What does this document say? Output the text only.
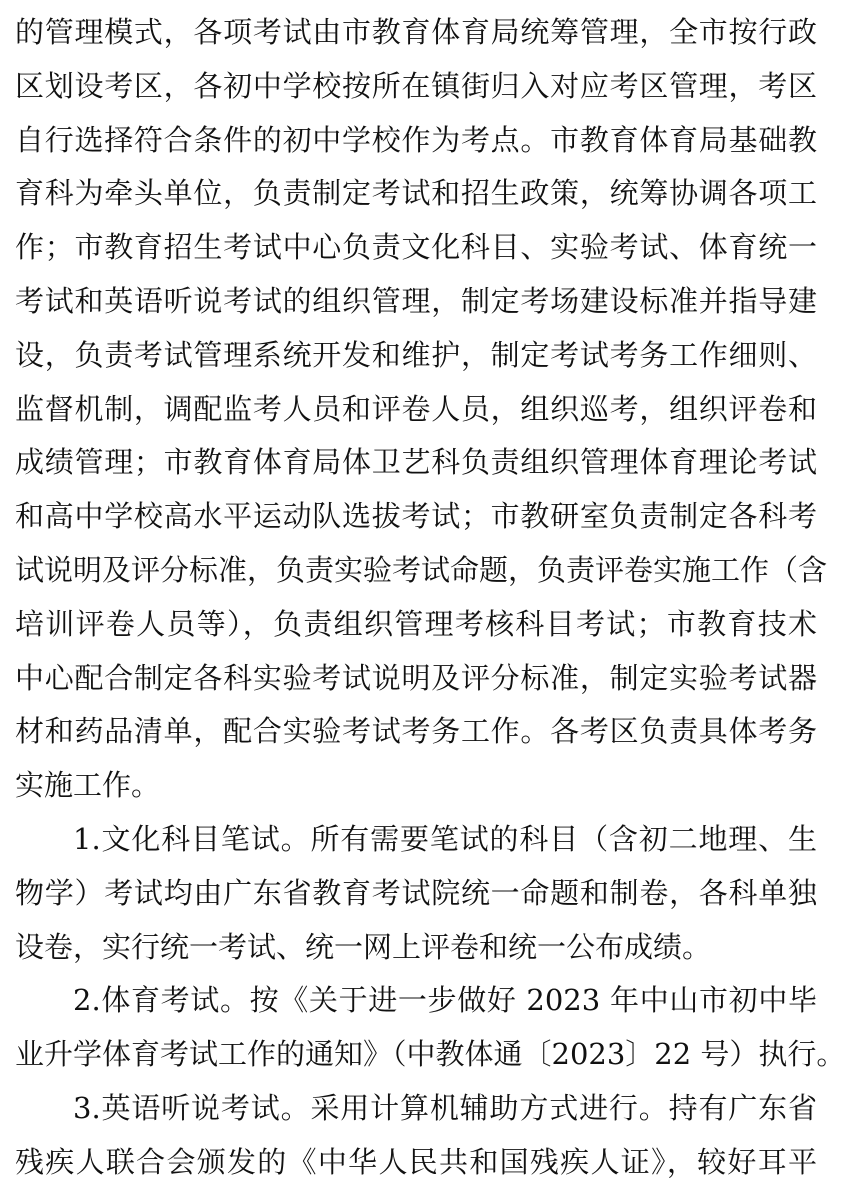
的管理模式，各项考试由市教育体育局统筹管理，全市按行政
区划设考区，各初中学校按所在镇街归入对应考区管理，考区
自行选择符合条件的初中学校作为考点。市教育体育局基础教
育科为牵头单位，负责制定考试和招生政策，统筹协调各项工
作；市教育招生考试中心负责文化科目、实验考试、体育统一
考试和英语听说考试的组织管理，制定考场建设标准并指导建
设，负责考试管理系统开发和维护，制定考试考务工作细则、
监督机制，调配监考人员和评卷人员，组织巡考，组织评卷和
成绩管理；市教育体育局体卫艺科负责组织管理体育理论考试
和高中学校高水平运动队选拔考试；市教研室负责制定各科考
试说明及评分标准，负责实验考试命题，负责评卷实施工作（含
培训评卷人员等），负责组织管理考核科目考试；市教育技术
中心配合制定各科实验考试说明及评分标准，制定实验考试器
材和药品清单，配合实验考试考务工作。各考区负责具体考务
实施工作。
1.文化科目笔试。所有需要笔试的科目（含初二地理、生
物学）考试均由广东省教育考试院统一命题和制卷，各科单独
设卷，实行统一考试、统一网上评卷和统一公布成绩。
2.体育考试。按《关于进一步做好 2023 年中山市初中毕
业升学体育考试工作的通知》（中教体通〔2023〕22 号）执行。
3.英语听说考试。采用计算机辅助方式进行。持有广东省
残疾人联合会颁发的《中华人民共和国残疾人证》，较好耳平
